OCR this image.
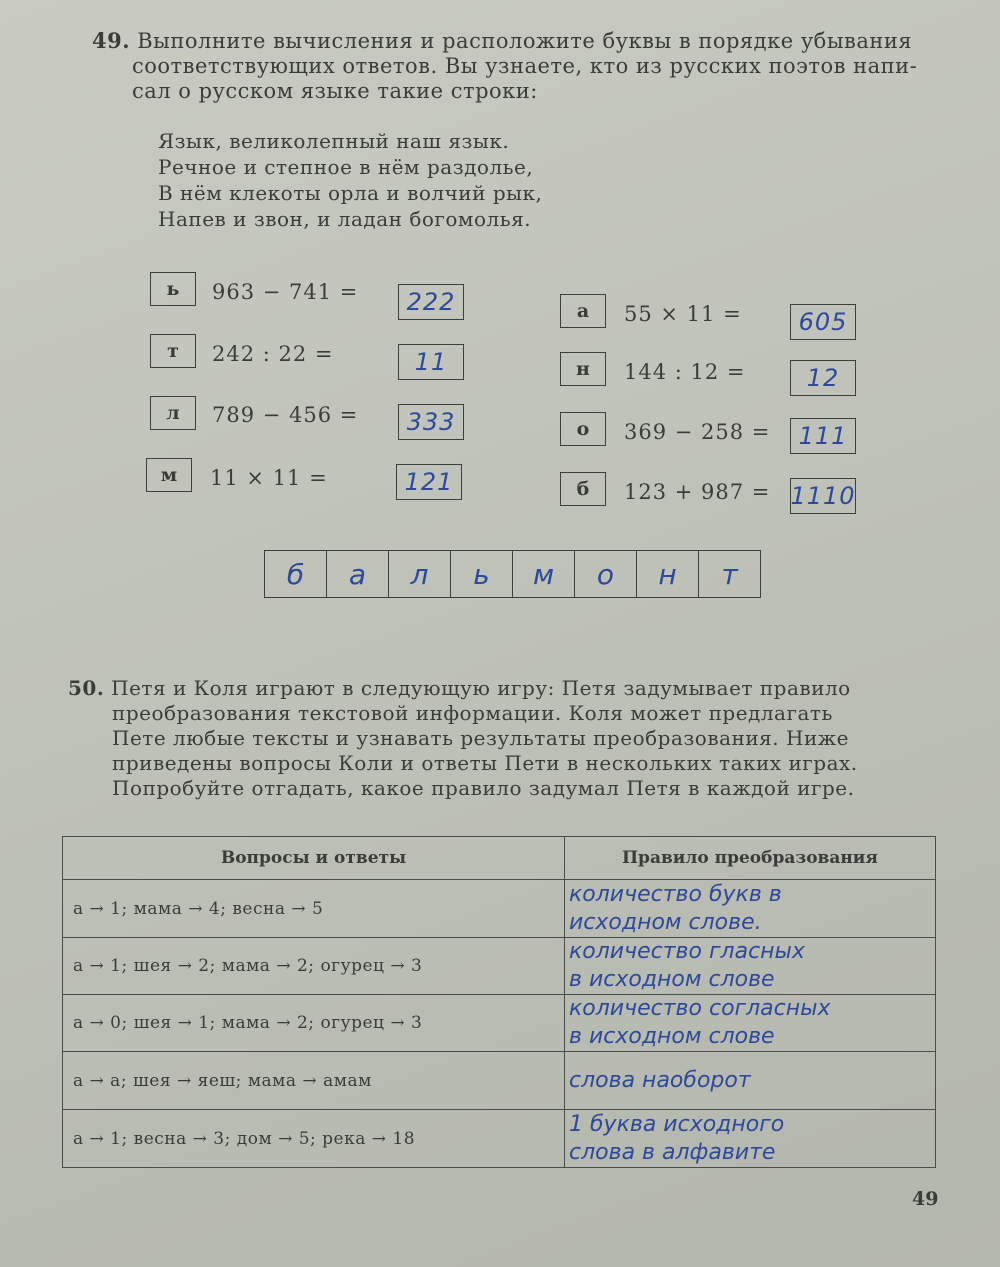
49. Выполните вычисления и расположите буквы в порядке убывания
соответствующих ответов. Вы узнаете, кто из русских поэтов напи-
сал о русском языке такие строки:
Язык, великолепный наш язык.
Речное и степное в нём раздолье,
В нём клекоты орла и волчий рык,
Напев и звон, и ладан богомолья.
ь	963 − 741 = 222
т	242 : 22 =	11
л	789 − 456 = 333
м	11 × 11 =	121
а	55 × 11 = 605
н	144 : 12 =	12
о	369 − 258 = 111
б	123 + 987 = 1110
б	а	л	ь	м	о	н	т
50. Петя и Коля играют в следующую игру: Петя задумывает правило
преобразования текстовой информации. Коля может предлагать
Пете любые тексты и узнавать результаты преобразования. Ниже
приведены вопросы Коли и ответы Пети в нескольких таких играх.
Попробуйте отгадать, какое правило задумал Петя в каждой игре.
Вопросы и ответы	Правило преобразования
а → 1; мама → 4; весна → 5	количество букв в
исходном слове.

а → 1; шея → 2; мама → 2; огурец → 3	количество гласных
в исходном слове

а → 0; шея → 1; мама → 2; огурец → 3	количество согласных
в исходном слове

а → а; шея → яеш; мама → амам	слова наоборот

а → 1; весна → 3; дом → 5; река → 18	1 буква исходного
слова в алфавите
49
